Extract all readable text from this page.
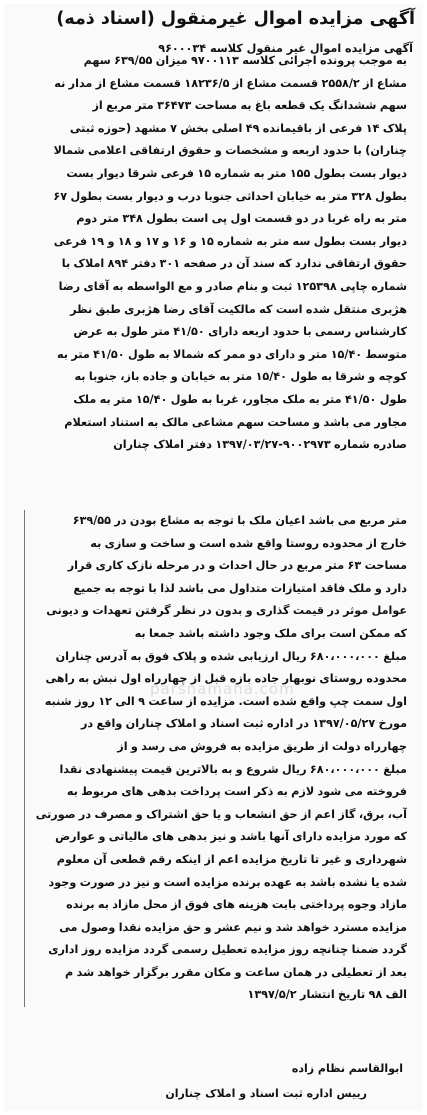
آگهی مزایده اموال غیرمنقول (اسناد ذمه)
آگهی مزایده اموال غیر منقول کلاسه ۹۶۰۰۰۳۴
به موجب پرونده اجرائی کلاسه ۹۷۰۰۱۱۳ میزان ۶۳۹/۵۵ سهم
مشاع از ۲۵۵۸/۲ قسمت مشاع از ۱۸۲۳۶/۵ قسمت مشاع از مدار نه
سهم ششدانگ یک قطعه باغ به مساحت ۳۶۴۷۳ متر مربع از
پلاک ۱۴ فرعی از باقیمانده ۴۹ اصلی بخش ۷ مشهد (حوزه ثبتی
چناران) با حدود اربعه و مشخصات و حقوق ارتفاقی اعلامی شمالا
دیوار بست بطول ۱۵۵ متر به شماره ۱۵ فرعی شرقا دیوار بست
بطول ۳۲۸ متر به خیابان احداثی جنوبا درب و دیوار بست بطول ۶۷
متر به راه غربا در دو قسمت اول پی است بطول ۳۴۸ متر دوم
دیوار بست بطول سه متر به شماره ۱۵ و ۱۶ و ۱۷ و ۱۸ و ۱۹ فرعی
حقوق ارتفاقی ندارد که سند آن در صفحه ۳۰۱ دفتر ۸۹۴ املاک با
شماره چاپی ۱۲۵۳۹۸ ثبت و بنام صادر و مع الواسطه به آقای رضا
هژبری منتقل شده است که مالکیت آقای رضا هژبری طبق نظر
کارشناس رسمی با حدود اربعه دارای ۴۱/۵۰ متر طول به عرض
متوسط ۱۵/۴۰ متر و دارای دو ممر که شمالا به طول ۴۱/۵۰ متر به
کوچه و شرقا به طول ۱۵/۴۰ متر به خیابان و جاده باز، جنوبا به
طول ۴۱/۵۰ متر به ملک مجاور، غربا به طول ۱۵/۴۰ متر به ملک
مجاور می باشد و مساحت سهم مشاعی مالک به استناد استعلام
صادره شماره ۹۰۰۲۹۷۳-۱۳۹۷/۰۳/۲۷ دفتر املاک چناران
۶۳۹/۵۵ متر مربع می باشد اعیان ملک با توجه به مشاع بودن در
خارج از محدوده روستا واقع شده است و ساخت و سازی به
مساحت ۶۳ متر مربع در حال احداث و در مرحله نازک کاری قرار
دارد و ملک فاقد امتیازات متداول می باشد لذا با توجه به جمیع
عوامل موثر در قیمت گذاری و بدون در نظر گرفتن تعهدات و دیونی
که ممکن است برای ملک وجود داشته باشد جمعا به
مبلغ ۶۸۰،۰۰۰،۰۰۰ ریال ارزیابی شده و پلاک فوق به آدرس چناران
محدوده روستای نوبهار جاده بازه قبل از چهارراه اول نبش به راهی
اول سمت چپ واقع شده است. مزایده از ساعت ۹ الی ۱۲ روز شنبه
مورخ ۱۳۹۷/۰۵/۲۷ در اداره ثبت اسناد و املاک چناران واقع در
چهارراه دولت از طریق مزایده به فروش می رسد و از
مبلغ ۶۸۰،۰۰۰،۰۰۰ ریال شروع و به بالاترین قیمت پیشنهادی نقدا
فروخته می شود لازم به ذکر است پرداخت بدهی های مربوط به
آب، برق، گاز اعم از حق انشعاب و یا حق اشتراک و مصرف در صورتی
که مورد مزایده دارای آنها باشد و نیز بدهی های مالیاتی و عوارض
شهرداری و غیر تا تاریخ مزایده اعم از اینکه رقم قطعی آن معلوم
شده یا نشده باشد به عهده برنده مزایده است و نیز در صورت وجود
مازاد وجوه پرداختی بابت هزینه های فوق از محل مازاد به برنده
مزایده مسترد خواهد شد و نیم عشر و حق مزایده نقدا وصول می
گردد ضمنا چنانچه روز مزایده تعطیل رسمی گردد مزایده روز اداری
بعد از تعطیلی در همان ساعت و مکان مقرر برگزار خواهد شد م
الف ۹۸ تاریخ انتشار ۱۳۹۷/۵/۲
parsnamaha.com
ابوالقاسم نظام زاده
رییس اداره ثبت اسناد و املاک چناران
